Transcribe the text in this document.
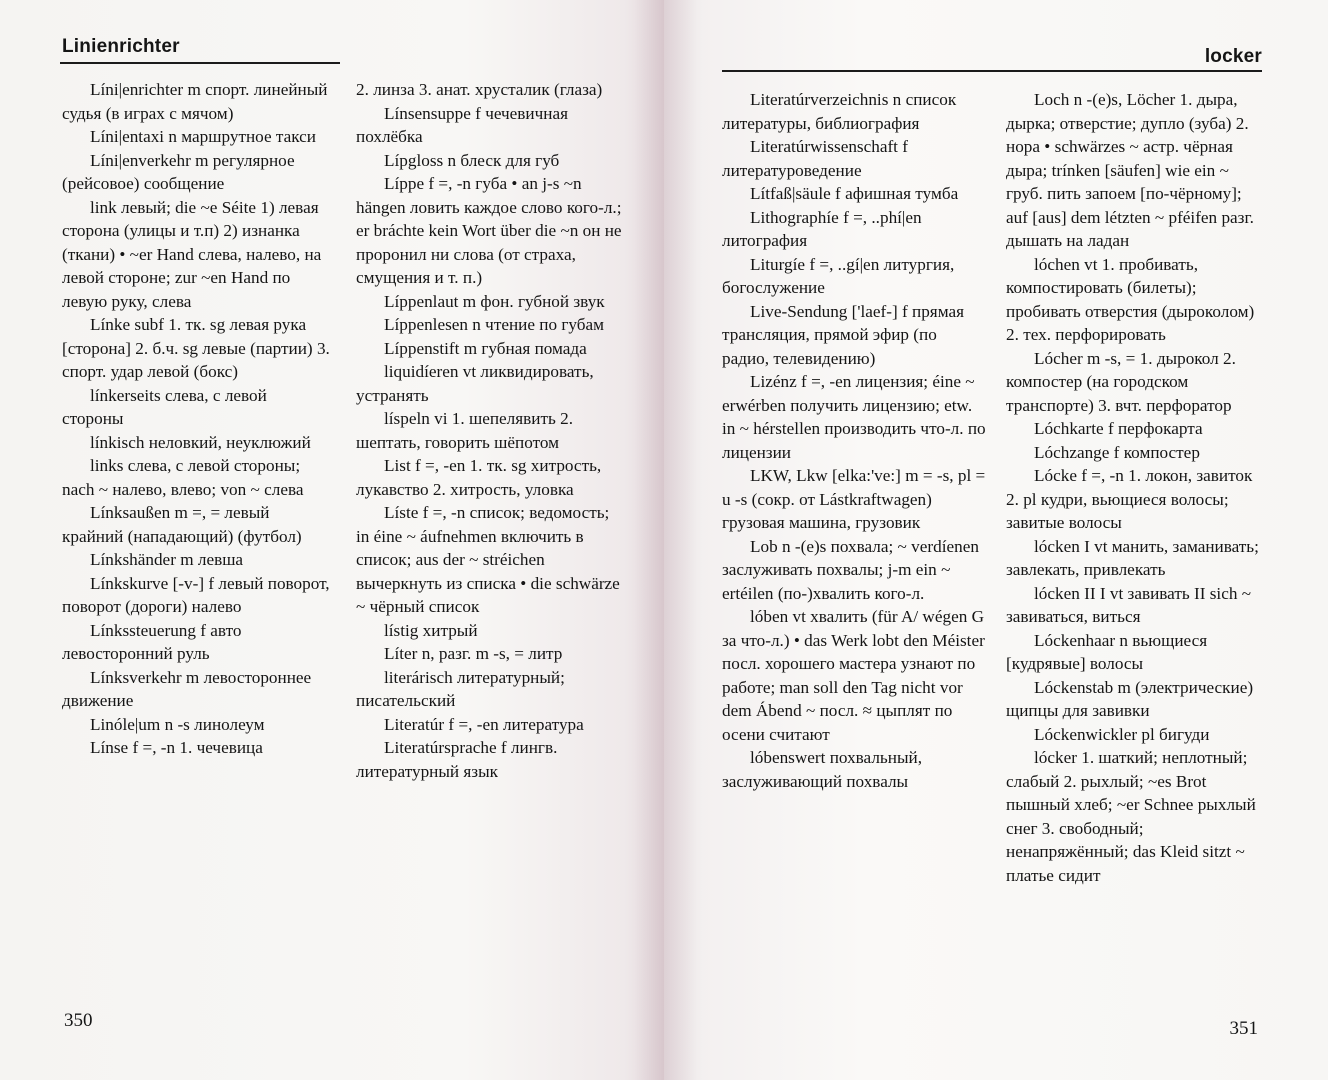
Linienrichter

Líni|enrichter m спорт. линейный судья (в играх с мячом)

Líni|entaxi n маршрутное такси

Líni|enverkehr m регулярное (рейсовое) сообщение

link левый; die ~e Séite 1) левая сторона (улицы и т.п) 2) изнанка (ткани) • ~er Hand слева, налево, на левой стороне; zur ~en Hand по левую руку, слева

Línke subf 1. тк. sg левая рука [сторона] 2. б.ч. sg левые (партии) 3. спорт. удар левой (бокс)

línkerseits слева, с левой стороны

línkisch неловкий, неуклюжий

links слева, с левой стороны; nach ~ налево, влево; von ~ слева

Línksaußen m =, = левый крайний (нападающий) (футбол)

Línkshänder m левша

Línkskurve [-v-] f левый поворот, поворот (дороги) налево

Línkssteuerung f авто левосторонний руль

Línksverkehr m левостороннее движение

Linóle|um n -s линолеум

Línse f =, -n 1. чечевица

2. линза 3. анат. хрусталик (глаза)

Línsensuppe f чечевичная похлёбка

Lípgloss n блеск для губ

Líppe f =, -n губа • an j-s ~n hängen ловить каждое слово кого-л.; er bráchte kein Wort über die ~n он не проронил ни слова (от страха, смущения и т. п.)

Líppenlaut m фон. губной звук

Líppenlesen n чтение по губам

Líppenstift m губная помада

liquidíeren vt ликвидировать, устранять

líspeln vi 1. шепелявить 2. шептать, говорить шёпотом

List f =, -en 1. тк. sg хитрость, лукавство 2. хитрость, уловка

Líste f =, -n список; ведомость; in éine ~ áufnehmen включить в список; aus der ~ stréichen вычеркнуть из списка • die schwärze ~ чёрный список

lístig хитрый

Líter n, разг. m -s, = литр

literárisch литературный; писательский

Literatúr f =, -en литература

Literatúrsprache f лингв. литературный язык

350
locker

Literatúrverzeichnis n список литературы, библиография

Literatúrwissenschaft f литературоведение

Lítfaß|säule f афишная тумба

Lithographíe f =, ..phí|en литография

Liturgíe f =, ..gí|en литургия, богослужение

Live-Sendung ['laef-] f прямая трансляция, прямой эфир (по радио, телевидению)

Lizénz f =, -en лицензия; éine ~ erwérben получить лицензию; etw. in ~ hérstellen производить что-л. по лицензии

LKW, Lkw [elka:'ve:] m = -s, pl = u -s (сокр. от Lástkraftwagen) грузовая машина, грузовик

Lob n -(e)s похвала; ~ verdíenen заслуживать похвалы; j-m ein ~ ertéilen (по-)хвалить кого-л.

lóben vt хвалить (für A/ wégen G за что-л.) • das Werk lobt den Méister посл. хорошего мастера узнают по работе; man soll den Tag nicht vor dem Ábend ~ посл. ≈ цыплят по осени считают

lóbenswert похвальный, заслуживающий похвалы

Loch n -(e)s, Löcher 1. дыра, дырка; отверстие; дупло (зуба) 2. нора • schwärzes ~ астр. чёрная дыра; trínken [säufen] wie ein ~ груб. пить запоем [по-чёрному]; auf [aus] dem létzten ~ pféifen разг. дышать на ладан

lóchen vt 1. пробивать, компостировать (билеты); пробивать отверстия (дыроколом) 2. тех. перфорировать

Lócher m -s, = 1. дырокол 2. компостер (на городском транспорте) 3. вчт. перфоратор

Lóchkarte f перфокарта

Lóchzange f компостер

Lócke f =, -n 1. локон, завиток 2. pl кудри, вьющиеся волосы; завитые волосы

lócken I vt манить, заманивать; завлекать, привлекать

lócken II I vt завивать II sich ~ завиваться, виться

Lóckenhaar n вьющиеся [кудрявые] волосы

Lóckenstab m (электрические) щипцы для завивки

Lóckenwickler pl бигуди

lócker 1. шаткий; неплотный; слабый 2. рыхлый; ~es Brot пышный хлеб; ~er Schnee рыхлый снег 3. свободный; ненапряжённый; das Kleid sitzt ~ платье сидит

351
